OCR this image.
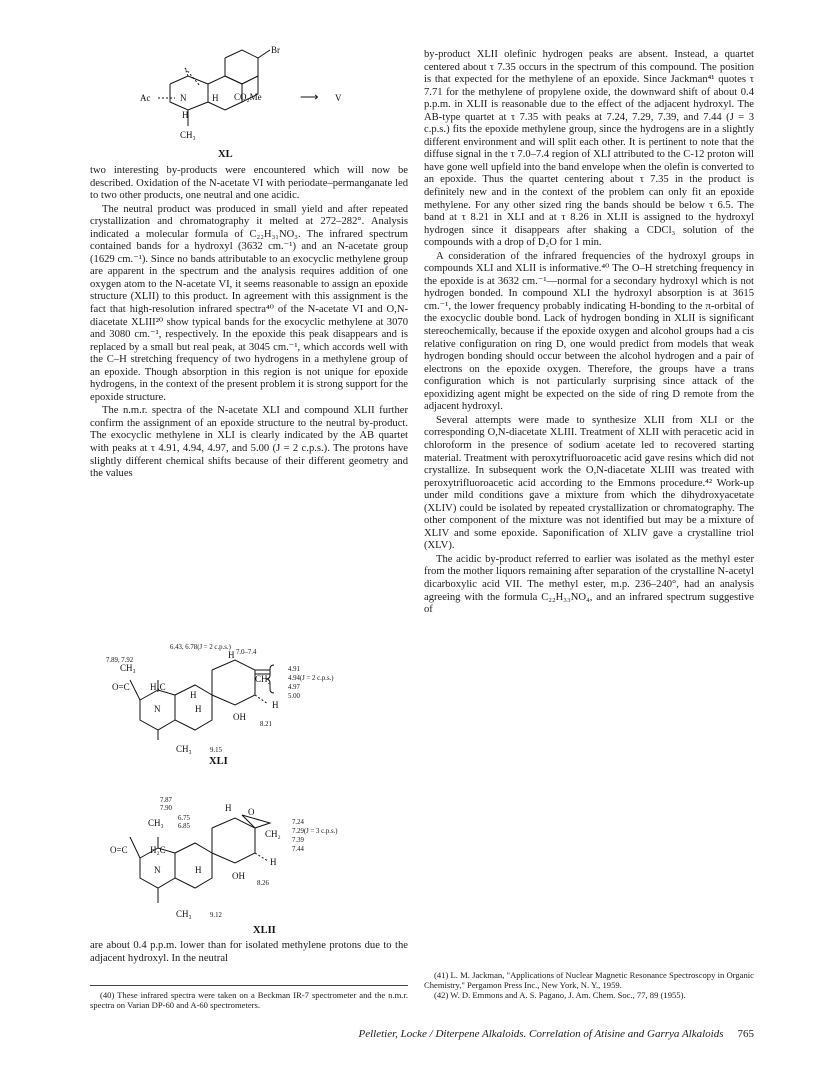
Br
Ac	N	H
H
CO₂Me
CH₃
⟶ V
XL

two interesting by-products were encountered which will now be described. Oxidation of the N-acetate VI with periodate–permanganate led to two other products, one neutral and one acidic.

The neutral product was produced in small yield and after repeated crystallization and chromatography it melted at 272–282°. Analysis indicated a molecular formula of C₂₂H₃₁NO₃. The infrared spectrum contained bands for a hydroxyl (3632 cm.⁻¹) and an N-acetate group (1629 cm.⁻¹). Since no bands attributable to an exocyclic methylene group are apparent in the spectrum and the analysis requires addition of one oxygen atom to the N-acetate VI, it seems reasonable to assign an epoxide structure (XLII) to this product. In agreement with this assignment is the fact that high-resolution infrared spectra⁴⁰ of the N-acetate VI and O,N-diacetate XLIII²⁰ show typical bands for the exocyclic methylene at 3070 and 3080 cm.⁻¹, respectively. In the epoxide this peak disappears and is replaced by a small but real peak, at 3045 cm.⁻¹, which accords well with the C–H stretching frequency of two hydrogens in a methylene group of an epoxide. Though absorption in this region is not unique for epoxide hydrogens, in the context of the present problem it is strong support for the epoxide structure.

The n.m.r. spectra of the N-acetate XLI and compound XLII further confirm the assignment of an epoxide structure to the neutral by-product. The exocyclic methylene in XLI is clearly indicated by the AB quartet with peaks at τ 4.91, 4.94, 4.97, and 5.00 (J = 2 c.p.s.). The protons have slightly different chemical shifts because of their different geometry and the values

6.43, 6.78(J = 2 c.p.s.)
7.89, 7.92
CH₃
H 7.0–7.4
CH₂
4.91
4.94(J = 2 c.p.s.)
4.97
5.00
O=C H₂C
N
H
H	H
OH
8.21
CH₃	9.15
XLI
7.87
7.90
CH₃ 6.75
6.85
H O
CH₂
7.24
7.29(J = 3 c.p.s.)
7.39
7.44
O=C H₂C
N	H
H
OH
8.26
CH₃	9.12
XLII

are about 0.4 p.p.m. lower than for isolated methylene protons due to the adjacent hydroxyl. In the neutral

(40) These infrared spectra were taken on a Beckman IR-7 spectrometer and the n.m.r. spectra on Varian DP-60 and A-60 spectrometers.

by-product XLII olefinic hydrogen peaks are absent. Instead, a quartet centered about τ 7.35 occurs in the spectrum of this compound. The position is that expected for the methylene of an epoxide. Since Jackman⁴¹ quotes τ 7.71 for the methylene of propylene oxide, the downward shift of about 0.4 p.p.m. in XLII is reasonable due to the effect of the adjacent hydroxyl. The AB-type quartet at τ 7.35 with peaks at 7.24, 7.29, 7.39, and 7.44 (J = 3 c.p.s.) fits the epoxide methylene group, since the hydrogens are in a slightly different environment and will split each other. It is pertinent to note that the diffuse signal in the τ 7.0–7.4 region of XLI attributed to the C-12 proton will have gone well upfield into the band envelope when the olefin is converted to an epoxide. Thus the quartet centering about τ 7.35 in the product is definitely new and in the context of the problem can only fit an epoxide methylene. For any other sized ring the bands should be below τ 6.5. The band at τ 8.21 in XLI and at τ 8.26 in XLII is assigned to the hydroxyl hydrogen since it disappears after shaking a CDCl₃ solution of the compounds with a drop of D₂O for 1 min.

A consideration of the infrared frequencies of the hydroxyl groups in compounds XLI and XLII is informative.⁴⁰ The O–H stretching frequency in the epoxide is at 3632 cm.⁻¹—normal for a secondary hydroxyl which is not hydrogen bonded. In compound XLI the hydroxyl absorption is at 3615 cm.⁻¹, the lower frequency probably indicating H-bonding to the π-orbital of the exocyclic double bond. Lack of hydrogen bonding in XLII is significant stereochemically, because if the epoxide oxygen and alcohol groups had a cis relative configuration on ring D, one would predict from models that weak hydrogen bonding should occur between the alcohol hydrogen and a pair of electrons on the epoxide oxygen. Therefore, the groups have a trans configuration which is not particularly surprising since attack of the epoxidizing agent might be expected on the side of ring D remote from the adjacent hydroxyl.

Several attempts were made to synthesize XLII from XLI or the corresponding O,N-diacetate XLIII. Treatment of XLII with peracetic acid in chloroform in the presence of sodium acetate led to recovered starting material. Treatment with peroxytrifluoroacetic acid gave resins which did not crystallize. In subsequent work the O,N-diacetate XLIII was treated with peroxytrifluoroacetic acid according to the Emmons procedure.⁴² Work-up under mild conditions gave a mixture from which the dihydroxyacetate (XLIV) could be isolated by repeated crystallization or chromatography. The other component of the mixture was not identified but may be a mixture of XLIV and some epoxide. Saponification of XLIV gave a crystalline triol (XLV).

The acidic by-product referred to earlier was isolated as the methyl ester from the mother liquors remaining after separation of the crystalline N-acetyl dicarboxylic acid VII. The methyl ester, m.p. 236–240°, had an analysis agreeing with the formula C₂₂H₃₃NO₄, and an infrared spectrum suggestive of

(41) L. M. Jackman, "Applications of Nuclear Magnetic Resonance Spectroscopy in Organic Chemistry," Pergamon Press Inc., New York, N. Y., 1959.

(42) W. D. Emmons and A. S. Pagano, J. Am. Chem. Soc., 77, 89 (1955).

Pelletier, Locke / Diterpene Alkaloids. Correlation of Atisine and Garrya Alkaloids 765
